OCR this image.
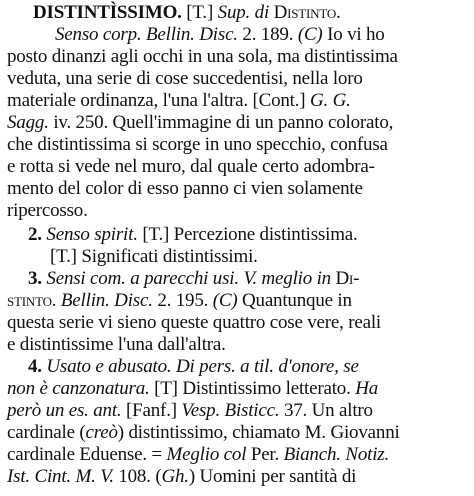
DISTINTÌSSIMO. [T.] Sup. di Distinto.
Senso corp. Bellin. Disc. 2. 189. (C) Io vi ho
posto dinanzi agli occhi in una sola, ma distintissima
veduta, una serie di cose succedentisi, nella loro
materiale ordinanza, l'una l'altra. [Cont.] G. G.
Sagg. iv. 250. Quell'immagine di un panno colorato,
che distintissima si scorge in uno specchio, confusa
e rotta si vede nel muro, dal quale certo adombra-
mento del color di esso panno ci vien solamente
ripercosso.
2. Senso spirit. [T.] Percezione distintissima.
[T.] Significati distintissimi.
3. Sensi com. a parecchi usi. V. meglio in Di-
stinto. Bellin. Disc. 2. 195. (C) Quantunque in
questa serie vi sieno queste quattro cose vere, reali
e distintissime l'una dall'altra.
4. Usato e abusato. Di pers. a til. d'onore, se
non è canzonatura. [T] Distintissimo letterato. Ha
però un es. ant. [Fanf.] Vesp. Bisticc. 37. Un altro
cardinale (creò) distintissimo, chiamato M. Giovanni
cardinale Eduense. = Meglio col Per. Bianch. Notiz.
Ist. Cint. M. V. 108. (Gh.) Uomini per santità di
